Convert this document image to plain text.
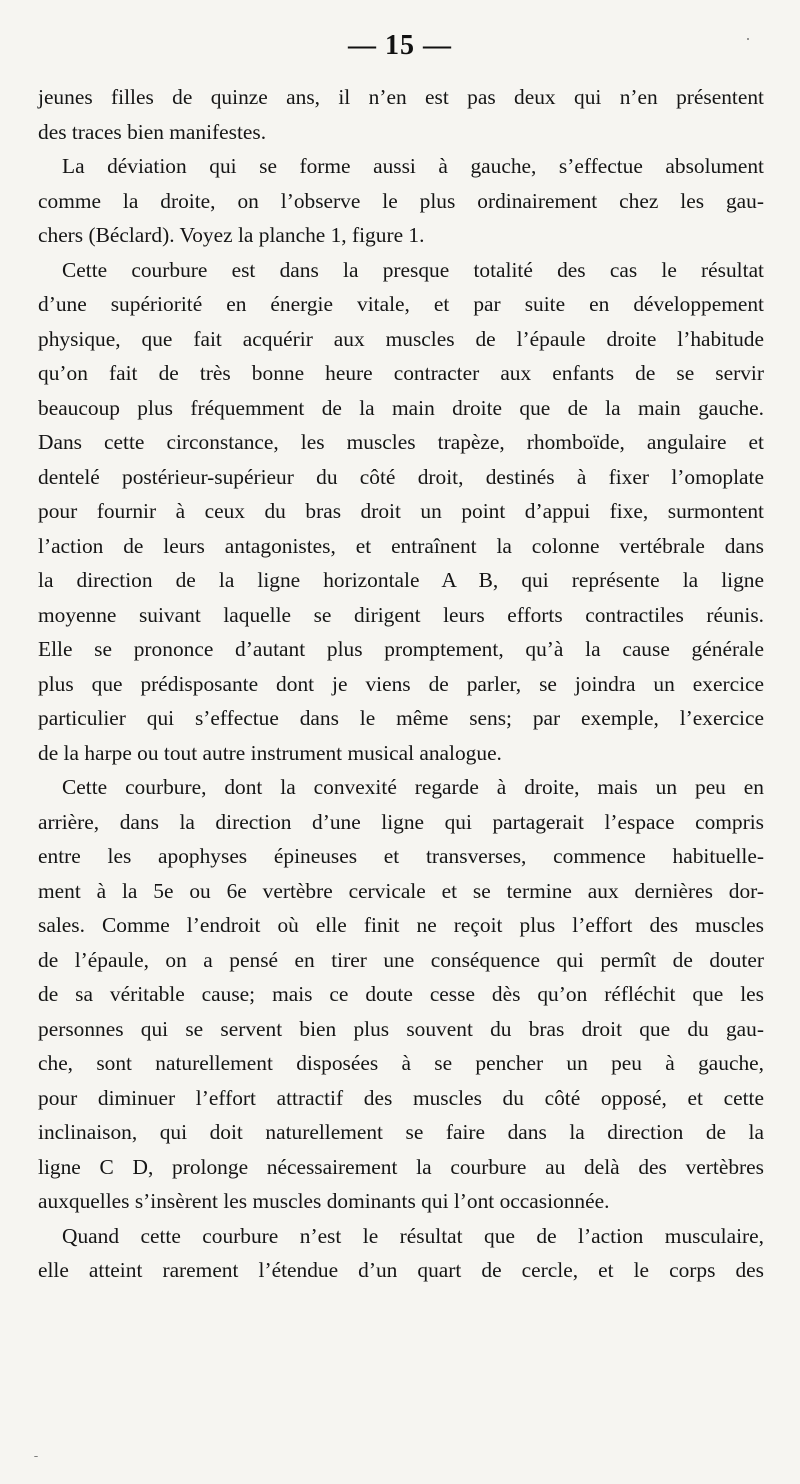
— 15 —
jeunes filles de quinze ans, il n’en est pas deux qui n’en présentent
des traces bien manifestes.
La déviation qui se forme aussi à gauche, s’effectue absolument
comme la droite, on l’observe le plus ordinairement chez les gau-
chers (Béclard). Voyez la planche 1, figure 1.
Cette courbure est dans la presque totalité des cas le résultat
d’une supériorité en énergie vitale, et par suite en développement
physique, que fait acquérir aux muscles de l’épaule droite l’habitude
qu’on fait de très bonne heure contracter aux enfants de se servir
beaucoup plus fréquemment de la main droite que de la main gauche.
Dans cette circonstance, les muscles trapèze, rhomboïde, angulaire et
dentelé postérieur-supérieur du côté droit, destinés à fixer l’omoplate
pour fournir à ceux du bras droit un point d’appui fixe, surmontent
l’action de leurs antagonistes, et entraînent la colonne vertébrale dans
la direction de la ligne horizontale A B, qui représente la ligne
moyenne suivant laquelle se dirigent leurs efforts contractiles réunis.
Elle se prononce d’autant plus promptement, qu’à la cause générale
plus que prédisposante dont je viens de parler, se joindra un exercice
particulier qui s’effectue dans le même sens; par exemple, l’exercice
de la harpe ou tout autre instrument musical analogue.
Cette courbure, dont la convexité regarde à droite, mais un peu en
arrière, dans la direction d’une ligne qui partagerait l’espace compris
entre les apophyses épineuses et transverses, commence habituelle-
ment à la 5e ou 6e vertèbre cervicale et se termine aux dernières dor-
sales. Comme l’endroit où elle finit ne reçoit plus l’effort des muscles
de l’épaule, on a pensé en tirer une conséquence qui permît de douter
de sa véritable cause; mais ce doute cesse dès qu’on réfléchit que les
personnes qui se servent bien plus souvent du bras droit que du gau-
che, sont naturellement disposées à se pencher un peu à gauche,
pour diminuer l’effort attractif des muscles du côté opposé, et cette
inclinaison, qui doit naturellement se faire dans la direction de la
ligne C D, prolonge nécessairement la courbure au delà des vertèbres
auxquelles s’insèrent les muscles dominants qui l’ont occasionnée.
Quand cette courbure n’est le résultat que de l’action musculaire,
elle atteint rarement l’étendue d’un quart de cercle, et le corps des
